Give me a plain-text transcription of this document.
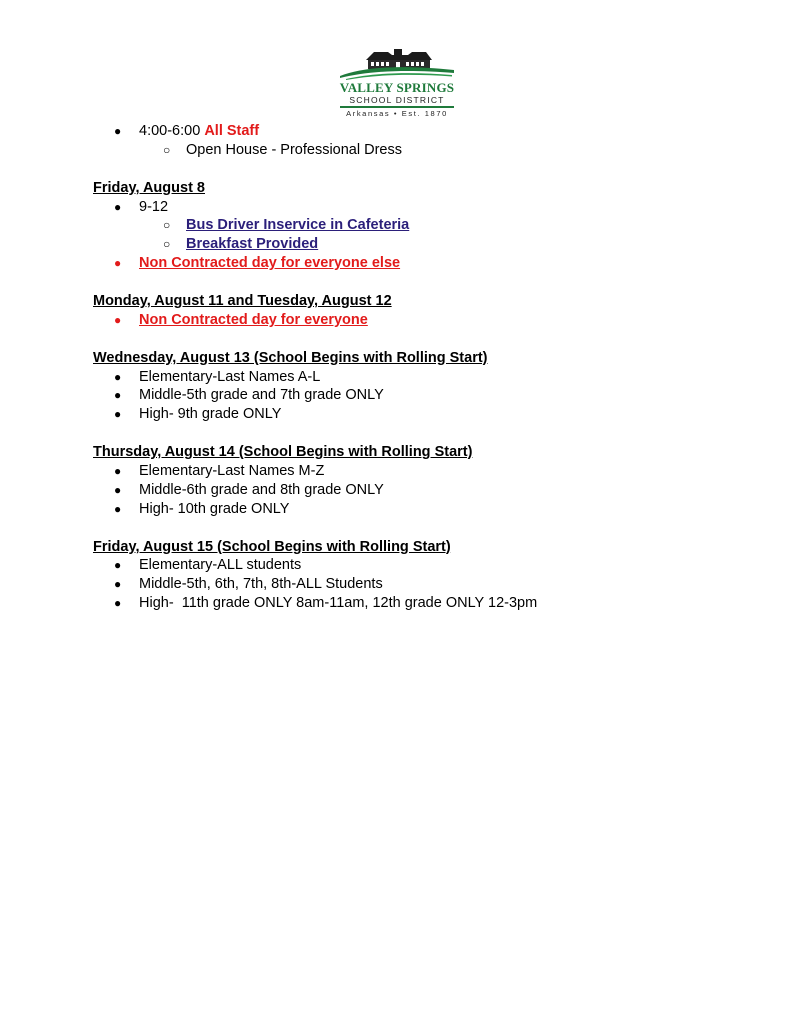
VALLEY SPRINGS
SCHOOL DISTRICT
Arkansas • Est. 1870
● 4:00-6:00 All Staff
○ Open House - Professional Dress
Friday, August 8
● 9-12
○ Bus Driver Inservice in Cafeteria
○ Breakfast Provided
● Non Contracted day for everyone else
Monday, August 11 and Tuesday, August 12
● Non Contracted day for everyone
Wednesday, August 13 (School Begins with Rolling Start)
● Elementary-Last Names A-L
● Middle-5th grade and 7th grade ONLY
● High- 9th grade ONLY
Thursday, August 14 (School Begins with Rolling Start)
● Elementary-Last Names M-Z
● Middle-6th grade and 8th grade ONLY
● High- 10th grade ONLY
Friday, August 15 (School Begins with Rolling Start)
● Elementary-ALL students
● Middle-5th, 6th, 7th, 8th-ALL Students
● High-  11th grade ONLY 8am-11am, 12th grade ONLY 12-3pm
